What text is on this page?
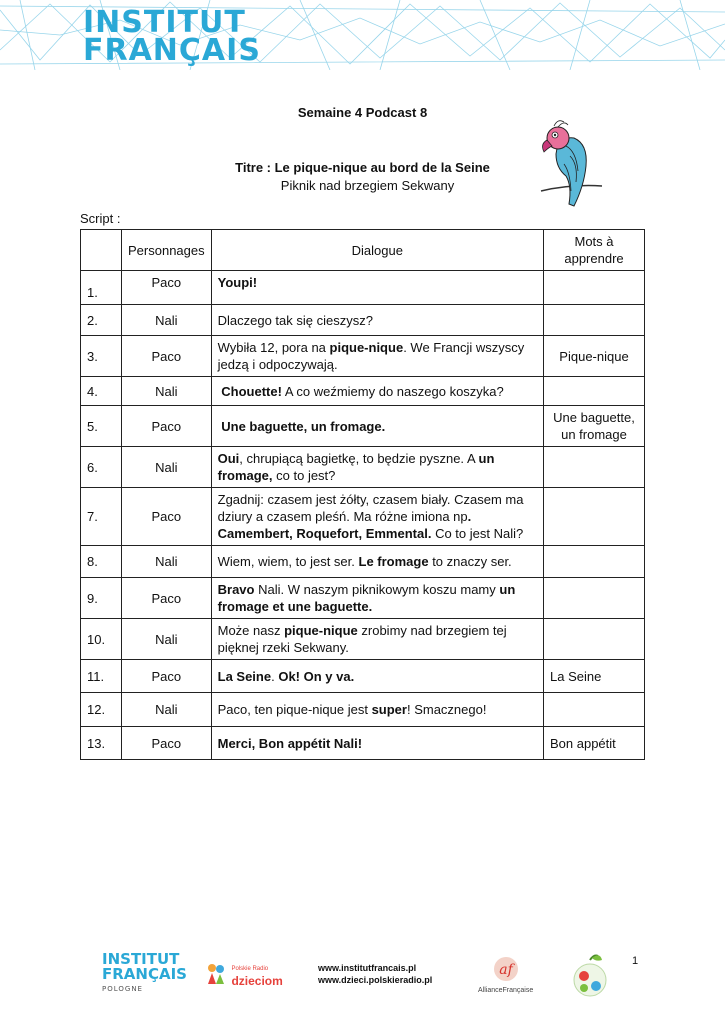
INSTITUT
FRANÇAIS
Semaine 4 Podcast 8
Titre : Le pique-nique au bord de la Seine
Piknik nad brzegiem Sekwany
Script :
	Personnages	Dialogue	Mots à
apprendre
1.	Paco	Youpi!	
2.	Nali	Dlaczego tak się cieszysz?	
3.	Paco	Wybiła 12, pora na pique-nique. We Francji wszyscy jedzą i odpoczywają.	Pique-nique
4.	Nali	Chouette! A co weźmiemy do naszego koszyka?	
5.	Paco	Une baguette, un fromage.	Une baguette, un fromage
6.	Nali	Oui, chrupiącą bagietkę, to będzie pyszne. A un fromage, co to jest?	
7.	Paco	Zgadnij: czasem jest żółty, czasem biały. Czasem ma dziury a czasem pleśń. Ma różne imiona np.
Camembert, Roquefort, Emmental. Co to jest Nali?	
8.	Nali	Wiem, wiem, to jest ser. Le fromage to znaczy ser.	
9.	Paco	Bravo Nali. W naszym piknikowym koszu mamy un fromage et une baguette.	
10.	Nali	Może nasz pique-nique zrobimy nad brzegiem tej pięknej rzeki Sekwany.	
11.	Paco	La Seine. Ok! On y va.	La Seine
12.	Nali	Paco, ten pique-nique jest super! Smacznego!	
13.	Paco	Merci, Bon appétit Nali!	Bon appétit
INSTITUT
FRANÇAIS
POLOGNE
Polskie Radio
dzieciom
www.institutfrancais.pl
www.dzieci.polskieradio.pl
af
AllianceFrançaise
1
